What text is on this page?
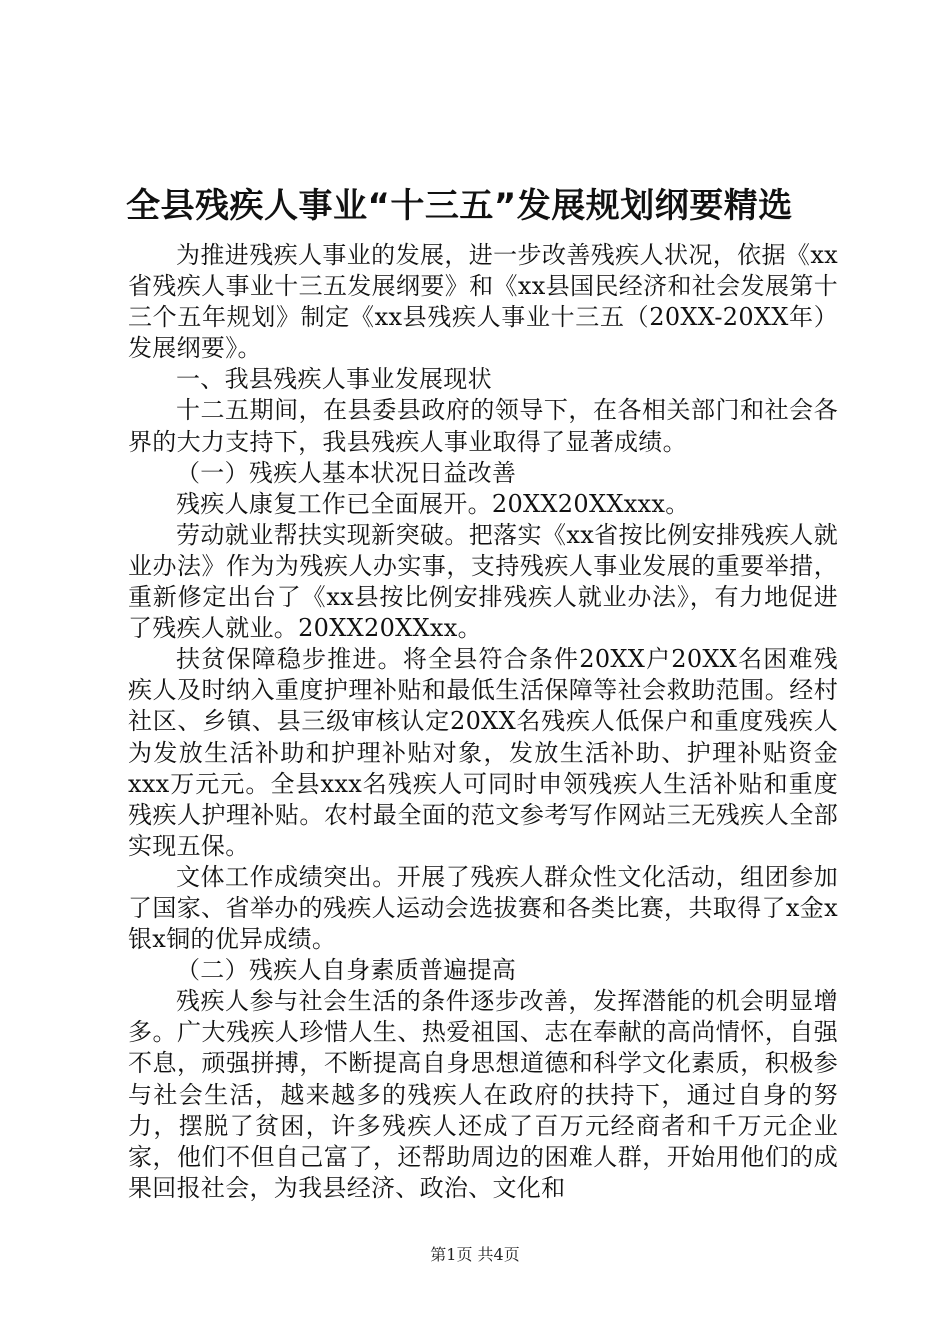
全县残疾人事业“十三五”发展规划纲要精选

为推进残疾人事业的发展，进一步改善残疾人状况，依据《xx省残疾人事业十三五发展纲要》和《xx县国民经济和社会发展第十三个五年规划》制定《xx县残疾人事业十三五（20XX-20XX年）发展纲要》。

一、我县残疾人事业发展现状

十二五期间，在县委县政府的领导下，在各相关部门和社会各界的大力支持下，我县残疾人事业取得了显著成绩。

（一）残疾人基本状况日益改善

残疾人康复工作已全面展开。20XX20XXxxx。

劳动就业帮扶实现新突破。把落实《xx省按比例安排残疾人就业办法》作为为残疾人办实事，支持残疾人事业发展的重要举措，重新修定出台了《xx县按比例安排残疾人就业办法》，有力地促进了残疾人就业。20XX20XXxx。

扶贫保障稳步推进。将全县符合条件20XX户20XX名困难残疾人及时纳入重度护理补贴和最低生活保障等社会救助范围。经村社区、乡镇、县三级审核认定20XX名残疾人低保户和重度残疾人为发放生活补助和护理补贴对象，发放生活补助、护理补贴资金xxx万元元。全县xxx名残疾人可同时申领残疾人生活补贴和重度残疾人护理补贴。农村最全面的范文参考写作网站三无残疾人全部实现五保。

文体工作成绩突出。开展了残疾人群众性文化活动，组团参加了国家、省举办的残疾人运动会选拔赛和各类比赛，共取得了x金x银x铜的优异成绩。

（二）残疾人自身素质普遍提高

残疾人参与社会生活的条件逐步改善，发挥潜能的机会明显增多。广大残疾人珍惜人生、热爱祖国、志在奉献的高尚情怀，自强不息，顽强拼搏，不断提高自身思想道德和科学文化素质，积极参与社会生活，越来越多的残疾人在政府的扶持下，通过自身的努力，摆脱了贫困，许多残疾人还成了百万元经商者和千万元企业家，他们不但自己富了，还帮助周边的困难人群，开始用他们的成果回报社会，为我县经济、政治、文化和

第1页 共4页
